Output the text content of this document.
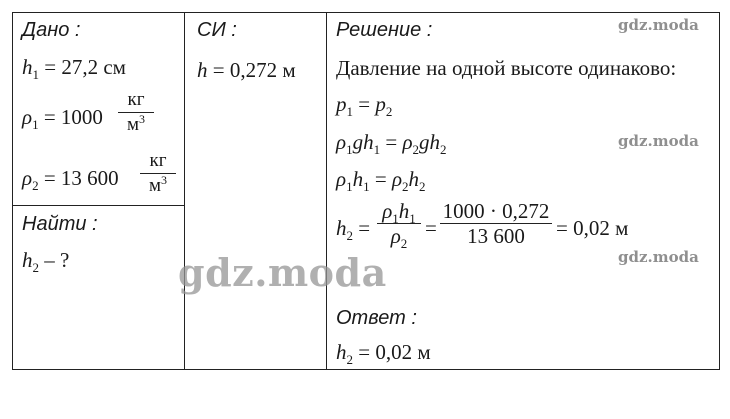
Дано :
$h_1 = 27,2$ см
$\rho_1 = 1000$
кг
$м^3$
$\rho_2 = 13$ 600
кг
$м^3$
Найти :
$h_2$ – ?
СИ :
h = 0,272 м
Решение :
Давление на одной высоте одинаково:
$p_1 = p_2$
$\rho_1gh_1 = \rho_2gh_2$
$\rho_1h_1 = \rho_2h_2$
$h_2$ =
$\rho_1h_1$
$\rho_2$
=
1000 · 0,272
13 600	= 0,02 м
Ответ :
$h_2 = 0,02$ м
gdz.moda
gdz.moda
gdz.moda
gdz.moda
